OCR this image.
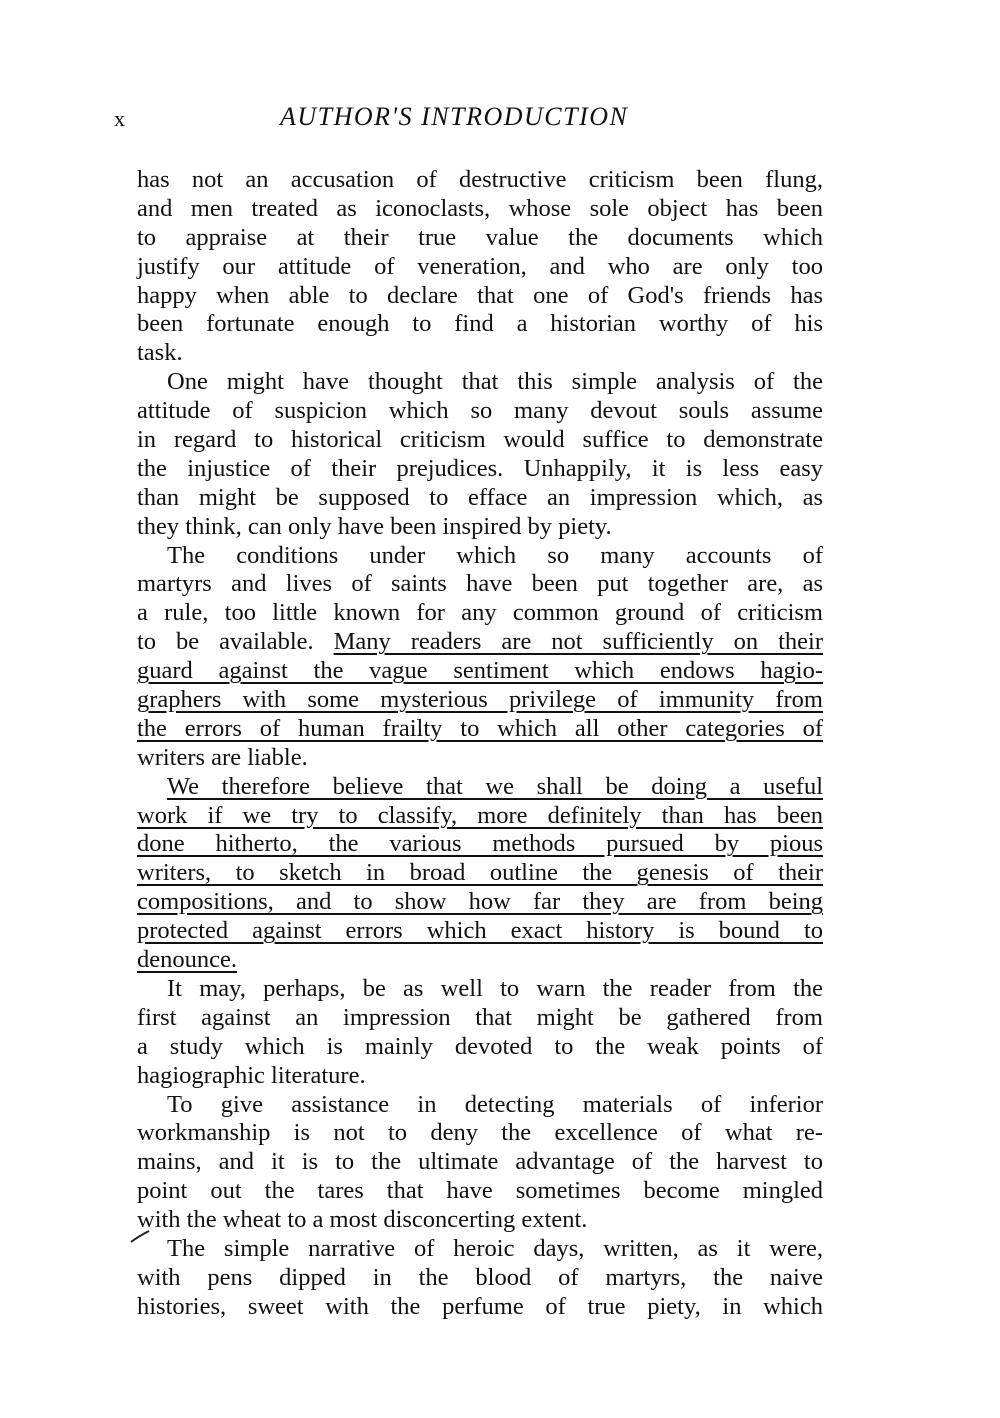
x	AUTHOR'S INTRODUCTION
has not an accusation of destructive criticism been flung,
and men treated as iconoclasts, whose sole object has been
to appraise at their true value the documents which
justify our attitude of veneration, and who are only too
happy when able to declare that one of God's friends has
been fortunate enough to find a historian worthy of his
task.
One might have thought that this simple analysis of the
attitude of suspicion which so many devout souls assume
in regard to historical criticism would suffice to demonstrate
the injustice of their prejudices. Unhappily, it is less easy
than might be supposed to efface an impression which, as
they think, can only have been inspired by piety.
The conditions under which so many accounts of
martyrs and lives of saints have been put together are, as
a rule, too little known for any common ground of criticism
to be available. Many readers are not sufficiently on their
guard against the vague sentiment which endows hagio-
graphers with some mysterious privilege of immunity from
the errors of human frailty to which all other categories of
writers are liable.
We therefore believe that we shall be doing a useful
work if we try to classify, more definitely than has been
done hitherto, the various methods pursued by pious
writers, to sketch in broad outline the genesis of their
compositions, and to show how far they are from being
protected against errors which exact history is bound to
denounce.
It may, perhaps, be as well to warn the reader from the
first against an impression that might be gathered from
a study which is mainly devoted to the weak points of
hagiographic literature.
To give assistance in detecting materials of inferior
workmanship is not to deny the excellence of what re-
mains, and it is to the ultimate advantage of the harvest to
point out the tares that have sometimes become mingled
with the wheat to a most disconcerting extent.
The simple narrative of heroic days, written, as it were,
with pens dipped in the blood of martyrs, the naive
histories, sweet with the perfume of true piety, in which
